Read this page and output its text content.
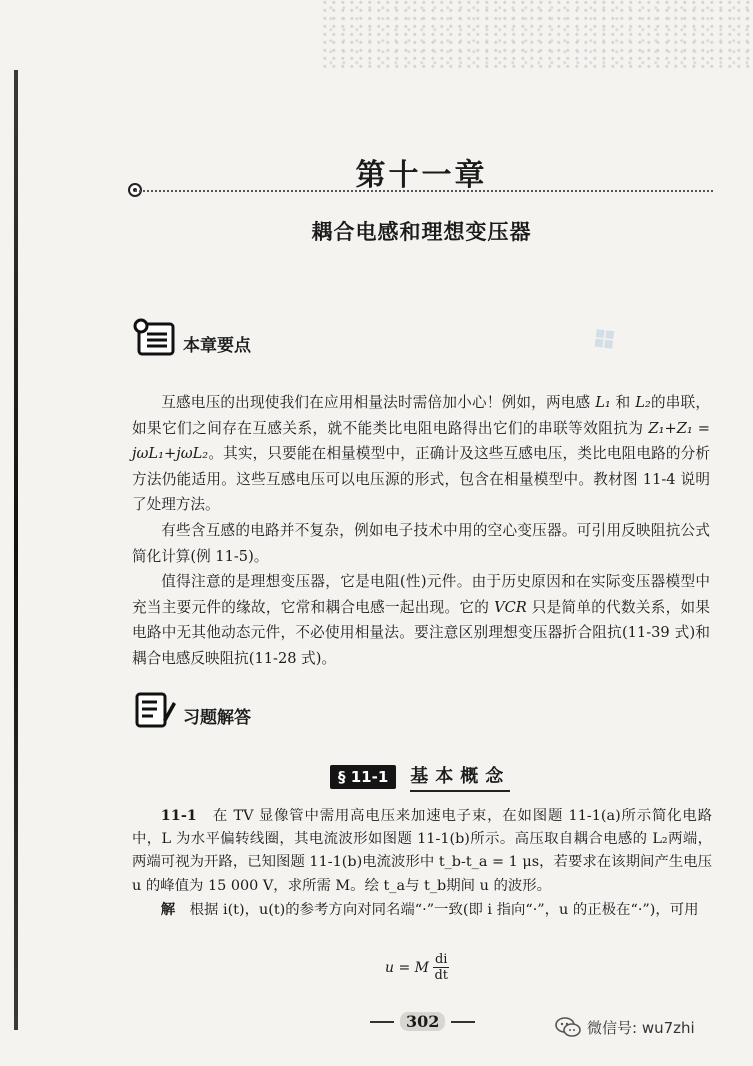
❖
第十一章
耦合电感和理想变压器
本章要点

互感电压的出现使我们在应用相量法时需倍加小心！例如，两电感 L₁ 和 L₂的串联，如果它们之间存在互感关系，就不能类比电阻电路得出它们的串联等效阻抗为 Z₁+Z₁ = jωL₁+jωL₂。其实，只要能在相量模型中，正确计及这些互感电压，类比电阻电路的分析方法仍能适用。这些互感电压可以电压源的形式，包含在相量模型中。教材图 11-4 说明了处理方法。

有些含互感的电路并不复杂，例如电子技术中用的空心变压器。可引用反映阻抗公式简化计算(例 11-5)。

值得注意的是理想变压器，它是电阻(性)元件。由于历史原因和在实际变压器模型中充当主要元件的缘故，它常和耦合电感一起出现。它的 VCR 只是简单的代数关系，如果电路中无其他动态元件，不必使用相量法。要注意区别理想变压器折合阻抗(11-39 式)和耦合电感反映阻抗(11-28 式)。

习题解答
§ 11-1	基本概念

11-1　 在 TV 显像管中需用高电压来加速电子束，在如图题 11-1(a)所示简化电路中，L 为水平偏转线圈，其电流波形如图题 11-1(b)所示。高压取自耦合电感的 L₂两端，两端可视为开路，已知图题 11-1(b)电流波形中 t_b-t_a = 1 μs，若要求在该期间产生电压 u 的峰值为 15 000 V，求所需 M。绘 t_a与 t_b期间 u 的波形。

解　 根据 i(t)，u(t)的参考方向对同名端“·”一致(即 i 指向“·”，u 的正极在“·”)，可用

u = M $\frac{di}{dt}$
302	微信号: wu7zhi
